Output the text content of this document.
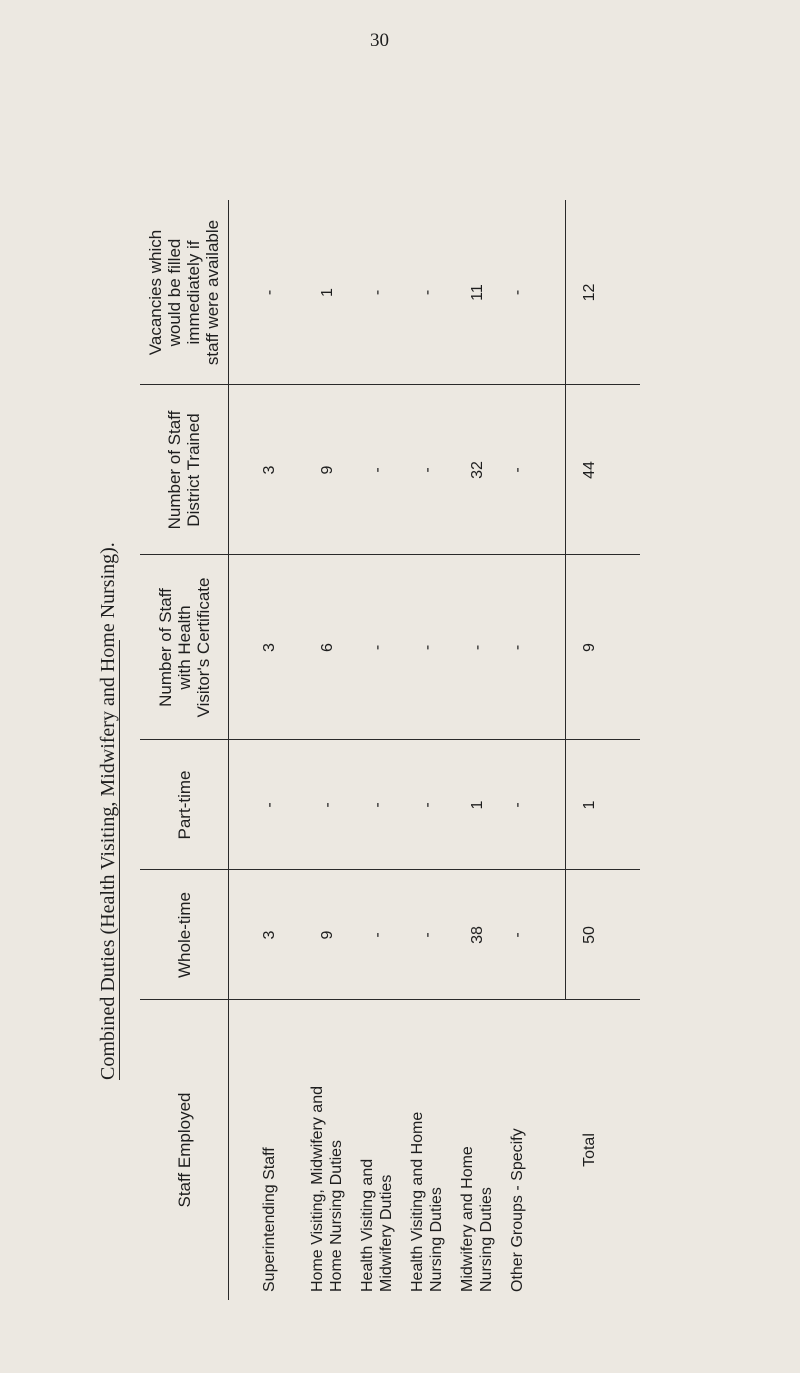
30
Combined Duties (Health Visiting, Midwifery and Home Nursing).
Staff Employed
Whole-time
Part-time
Number of Staff
with Health
Visitor's Certificate
Number of Staff
District Trained
Vacancies which
would be filled
immediately if
staff were available
Superintending Staff
3
-
3
3
-
Home Visiting, Midwifery and
Home Nursing Duties
9
-
6
9
1
Health Visiting and
Midwifery Duties
-
-
-
-
-
Health Visiting and Home
Nursing Duties
-
-
-
-
-
Midwifery and Home
Nursing Duties
38
1
-
32
11
Other Groups - Specify
-
-
-
-
-
Total
50
1
9
44
12
